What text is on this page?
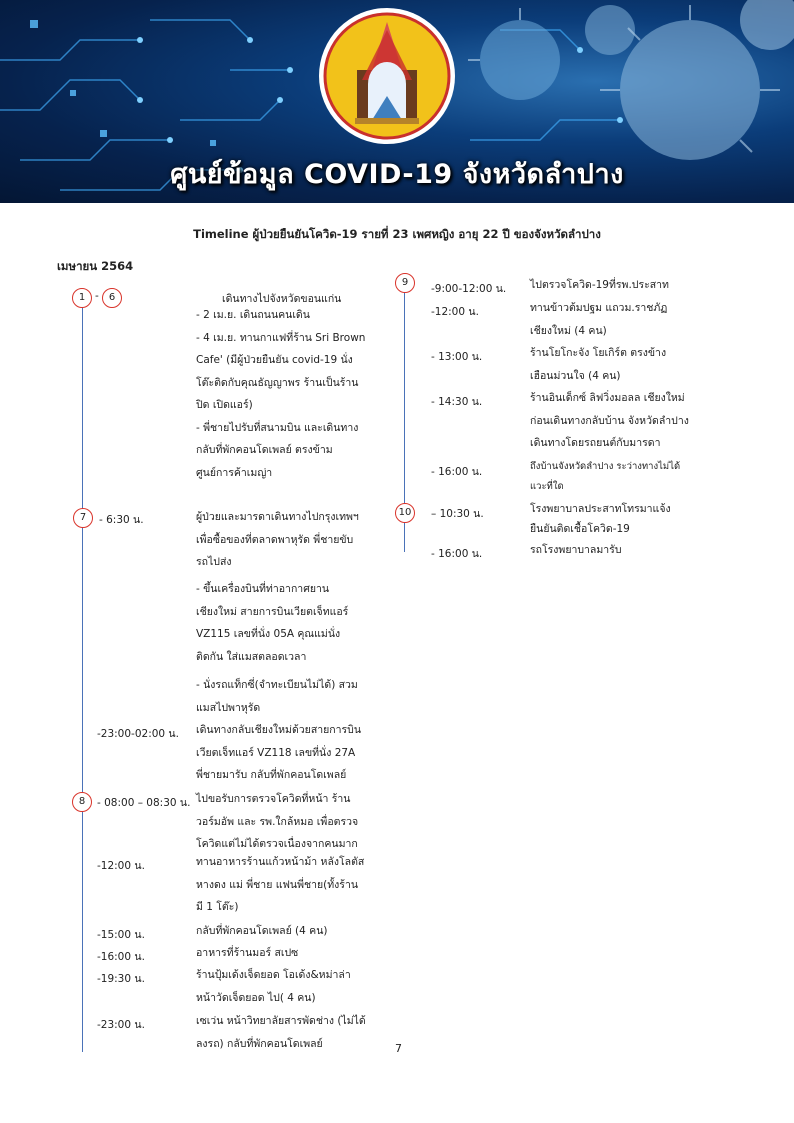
ศูนย์ข้อมูล COVID-19 จังหวัดลำปาง
Timeline ผู้ป่วยยืนยันโควิด-19 รายที่ 23 เพศหญิง อายุ 22 ปี ของจังหวัดลำปาง
เมษายน 2564
1 -	6	เดินทางไปจังหวัดขอนแก่น
- 2 เม.ย. เดินถนนคนเดิน
- 4 เม.ย. ทานกาแฟที่ร้าน Sri Brown
Cafe' (มีผู้ป่วยยืนยัน covid-19 นั่ง
โต๊ะติดกับคุณธัญญาพร ร้านเป็นร้าน
ปิด เปิดแอร์)
- พี่ชายไปรับที่สนามบิน และเดินทาง
กลับที่พักคอนโดเพลย์ ตรงข้าม
ศูนย์การค้าเมญ่า
7	- 6:30 น.	ผู้ป่วยและมารดาเดินทางไปกรุงเทพฯ
เพื่อซื้อของที่ตลาดพาหุรัด พี่ชายขับ
รถไปส่ง
- ขึ้นเครื่องบินที่ท่าอากาศยาน
เชียงใหม่ สายการบินเวียตเจ็ทแอร์
VZ115 เลขที่นั่ง 05A คุณแม่นั่ง
ติดกัน ใส่แมสตลอดเวลา
- นั่งรถแท็กซี่(จำทะเบียนไม่ได้) สวม
แมสไปพาหุรัด
-23:00-02:00 น. เดินทางกลับเชียงใหม่ด้วยสายการบิน
เวียตเจ็ทแอร์ VZ118 เลขที่นั่ง 27A
พี่ชายมารับ กลับที่พักคอนโดเพลย์
8	- 08:00 – 08:30 น. ไปขอรับการตรวจโควิดที่หน้า ร้าน
วอร์มอัพ และ รพ.ใกล้หมอ เพื่อตรวจ
โควิดแต่ไม่ได้ตรวจเนื่องจากคนมาก
-12:00 น.	ทานอาหารร้านแก้วหน้าม้า หลังโลตัส
หางดง แม่ พี่ชาย แฟนพี่ชาย(ทั้งร้าน
มี 1 โต๊ะ)
-15:00 น.	กลับที่พักคอนโดเพลย์ (4 คน)
-16:00 น.	อาหารที่ร้านมอร์ สเปซ
-19:30 น.	ร้านปุ้มเด้งเจ็ดยอด โอเด้ง&หม่าล่า
หน้าวัดเจ็ดยอด ไป( 4 คน)
-23:00 น.	เซเว่น หน้าวิทยาลัยสารพัดช่าง (ไม่ได้
ลงรถ) กลับที่พักคอนโดเพลย์
9
-9:00-12:00 น. ไปตรวจโควิด-19ที่รพ.ประสาท
-12:00 น.	ทานข้าวต้มปฐม แถวม.ราชภัฏ
เชียงใหม่ (4 คน)
- 13:00 น.	ร้านโยโกะจัง โยเกิร์ต ตรงข้าง
เฮือนม่วนใจ (4 คน)
- 14:30 น.	ร้านอินเด็กซ์ ลิฟวิ่งมอลล เชียงใหม่
ก่อนเดินทางกลับบ้าน จังหวัดลำปาง
เดินทางโดยรถยนต์กับมารดา
- 16:00 น.	ถึงบ้านจังหวัดลำปาง ระว่างทางไม่ได้
แวะที่ใด
10	– 10:30 น.	โรงพยาบาลประสาทโทรมาแจ้ง
ยืนยันติดเชื้อโควิด-19
- 16:00 น.	รถโรงพยาบาลมารับ
7
